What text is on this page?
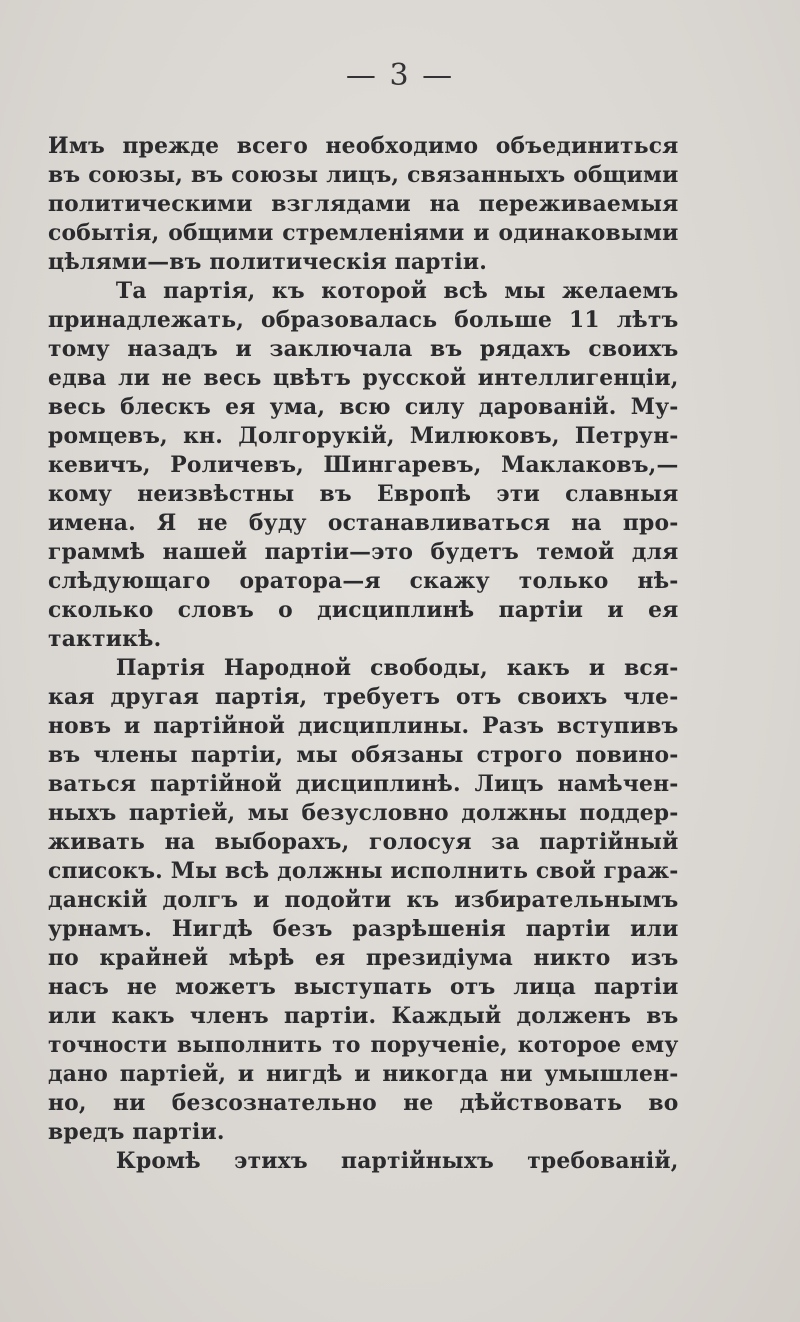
— 3 —
Имъ прежде всего необходимо объединиться
въ союзы, въ союзы лицъ, связанныхъ общими
политическими взглядами на переживаемыя
событія, общими стремленіями и одинаковыми
цѣлями—въ политическія партіи.
Та партія, къ которой всѣ мы желаемъ
принадлежать, образовалась больше 11 лѣтъ
тому назадъ и заключала въ рядахъ своихъ
едва ли не весь цвѣтъ русской интеллигенціи,
весь блескъ ея ума, всю силу дарованій. Му-
ромцевъ, кн. Долгорукій, Милюковъ, Петрун-
кевичъ, Роличевъ, Шингаревъ, Маклаковъ,—
кому неизвѣстны въ Европѣ эти славныя
имена. Я не буду останавливаться на про-
граммѣ нашей партіи—это будетъ темой для
слѣдующаго оратора—я скажу только нѣ-
сколько словъ о дисциплинѣ партіи и ея
тактикѣ.
Партія Народной свободы, какъ и вся-
кая другая партія, требуетъ отъ своихъ чле-
новъ и партійной дисциплины. Разъ вступивъ
въ члены партіи, мы обязаны строго повино-
ваться партійной дисциплинѣ. Лицъ намѣчен-
ныхъ партіей, мы безусловно должны поддер-
живать на выборахъ, голосуя за партійный
списокъ. Мы всѣ должны исполнить свой граж-
данскій долгъ и подойти къ избирательнымъ
урнамъ. Нигдѣ безъ разрѣшенія партіи или
по крайней мѣрѣ ея президіума никто изъ
насъ не можетъ выступать отъ лица партіи
или какъ членъ партіи. Каждый долженъ въ
точности выполнить то порученіе, которое ему
дано партіей, и нигдѣ и никогда ни умышлен-
но, ни безсознательно не дѣйствовать во
вредъ партіи.
Кромѣ этихъ партійныхъ требованій,
